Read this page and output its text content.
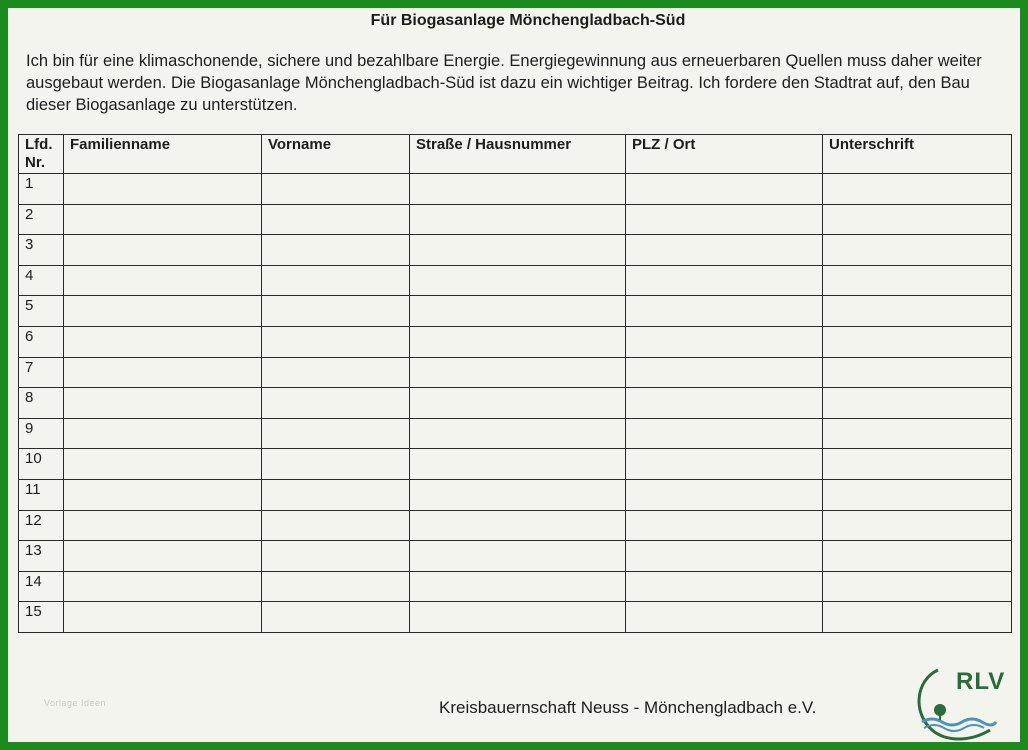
Für Biogasanlage Mönchengladbach-Süd
Ich bin für eine klimaschonende, sichere und bezahlbare Energie. Energiegewinnung aus erneuerbaren Quellen muss daher weiter ausgebaut werden. Die Biogasanlage Mönchengladbach-Süd ist dazu ein wichtiger Beitrag. Ich fordere den Stadtrat auf, den Bau dieser Biogasanlage zu unterstützen.
Lfd.
Nr.	Familienname	Vorname	Straße / Hausnummer	PLZ / Ort	Unterschrift
1					
2					
3					
4					
5					
6					
7					
8					
9					
10					
11					
12					
13					
14					
15					
Vorlage Ideen	Kreisbauernschaft Neuss - Mönchengladbach e.V.
RLV
